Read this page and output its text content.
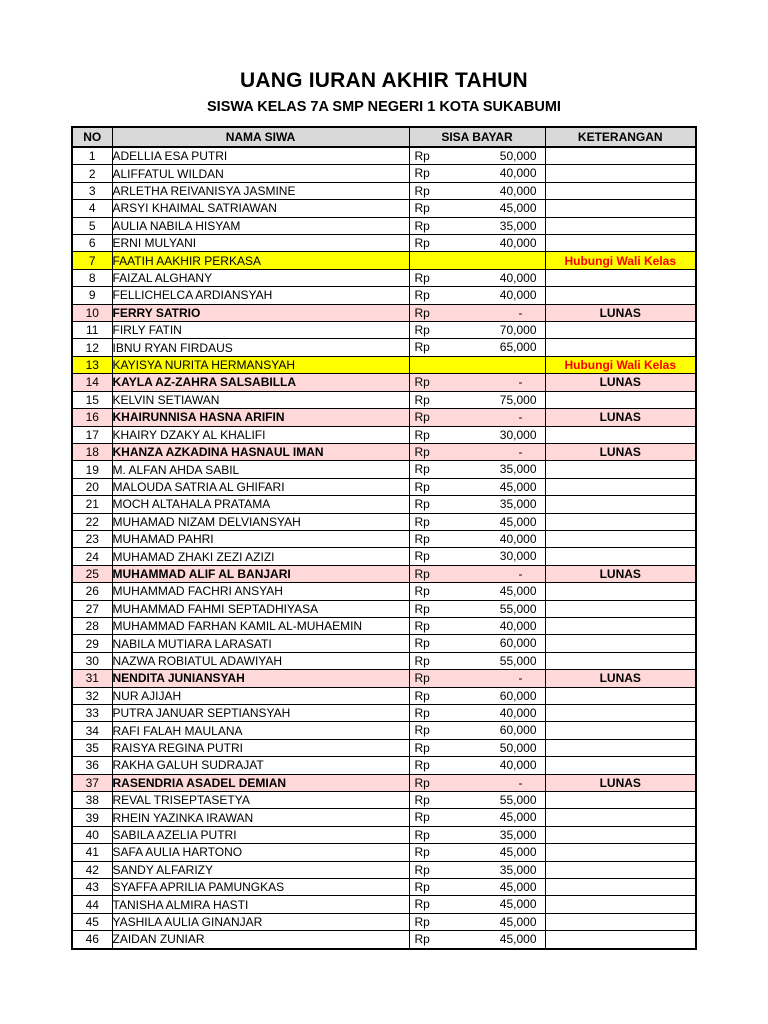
UANG IURAN AKHIR TAHUN
SISWA KELAS 7A SMP NEGERI 1 KOTA SUKABUMI
NO	NAMA SIWA	SISA BAYAR	KETERANGAN
1	ADELLIA ESA PUTRI	Rp 50,000	

2	ALIFFATUL WILDAN	Rp 40,000	

3	ARLETHA REIVANISYA JASMINE	Rp 40,000	

4	ARSYI KHAIMAL SATRIAWAN	Rp 45,000	

5	AULIA NABILA HISYAM	Rp 35,000	

6	ERNI MULYANI	Rp 40,000	

7	FAATIH AAKHIR PERKASA		Hubungi Wali Kelas
8	FAIZAL ALGHANY	Rp 40,000	

9	FELLICHELCA ARDIANSYAH	Rp 40,000	

10	FERRY SATRIO	Rp -	LUNAS
11	FIRLY FATIN	Rp 70,000	

12	IBNU RYAN FIRDAUS	Rp 65,000	

13	KAYISYA NURITA HERMANSYAH		Hubungi Wali Kelas
14	KAYLA AZ-ZAHRA SALSABILLA	Rp -	LUNAS
15	KELVIN SETIAWAN	Rp 75,000	

16	KHAIRUNNISA HASNA ARIFIN	Rp -	LUNAS
17	KHAIRY DZAKY AL KHALIFI	Rp 30,000	

18	KHANZA AZKADINA HASNAUL IMAN	Rp -	LUNAS
19	M. ALFAN AHDA SABIL	Rp 35,000	

20	MALOUDA SATRIA AL GHIFARI	Rp 45,000	

21	MOCH ALTAHALA PRATAMA	Rp 35,000	

22	MUHAMAD NIZAM DELVIANSYAH	Rp 45,000	

23	MUHAMAD PAHRI	Rp 40,000	

24	MUHAMAD ZHAKI ZEZI AZIZI	Rp 30,000	

25	MUHAMMAD ALIF AL BANJARI	Rp -	LUNAS
26	MUHAMMAD FACHRI ANSYAH	Rp 45,000	

27	MUHAMMAD FAHMI SEPTADHIYASA	Rp 55,000	

28	MUHAMMAD FARHAN KAMIL AL-MUHAEMIN	Rp 40,000	

29	NABILA MUTIARA LARASATI	Rp 60,000	

30	NAZWA ROBIATUL ADAWIYAH	Rp 55,000	

31	NENDITA JUNIANSYAH	Rp -	LUNAS
32	NUR AJIJAH	Rp 60,000	

33	PUTRA JANUAR SEPTIANSYAH	Rp 40,000	

34	RAFI FALAH MAULANA	Rp 60,000	

35	RAISYA REGINA PUTRI	Rp 50,000	

36	RAKHA GALUH SUDRAJAT	Rp 40,000	

37	RASENDRIA ASADEL DEMIAN	Rp -	LUNAS
38	REVAL TRISEPTASETYA	Rp 55,000	

39	RHEIN YAZINKA IRAWAN	Rp 45,000	

40	SABILA AZELIA PUTRI	Rp 35,000	

41	SAFA AULIA HARTONO	Rp 45,000	

42	SANDY ALFARIZY	Rp 35,000	

43	SYAFFA APRILIA PAMUNGKAS	Rp 45,000	

44	TANISHA ALMIRA HASTI	Rp 45,000	

45	YASHILA AULIA GINANJAR	Rp 45,000	

46	ZAIDAN ZUNIAR	Rp 45,000	
